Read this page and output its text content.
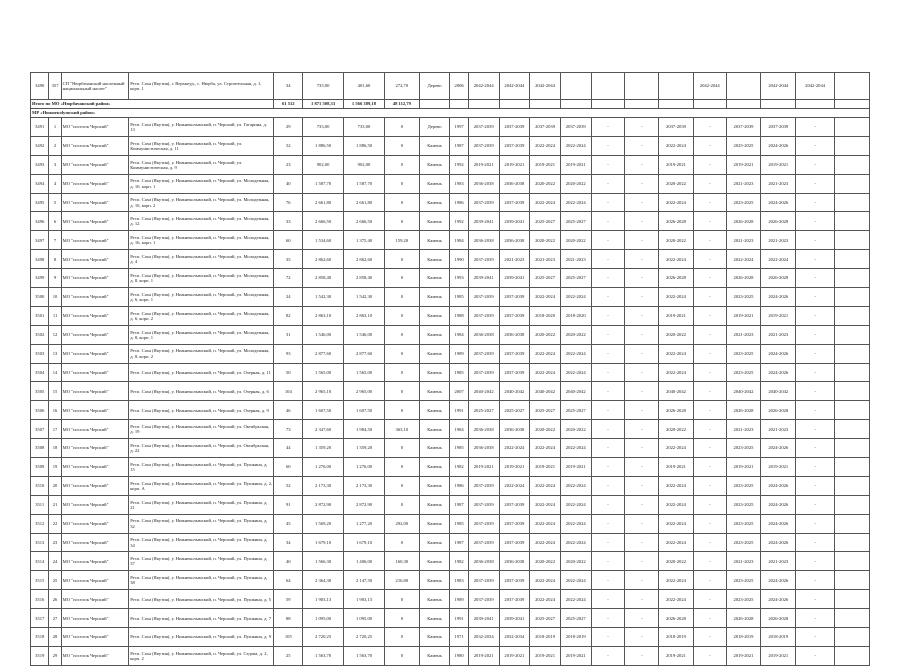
3490	357	СП "Нюрбачанский наслежный национальный наслег"	Респ. Саха (Якутия), г. Верхнеуд., с. Нюрба, ул. Строительная, д. 1, корп. 1	34	735,00	401,60	272,70	Дерево	2006	2042-2044	2042-2044	2042-2044					2042-2044		2042-2044	2042-2044	
Итого по МО «Нюрбачанский район»				61 512	1 871 508,33	1 566 389,18	48 112,79														
МР «Нижнекolymский район»																					
3491	1	МО "поселок Черский"	Респ. Саха (Якутия), у. Нижнеколымский, п. Черский, ул. Гагарина, д. 13	29	733,00	733,00	0	Дерево	1997	2037-2039	2037-2039	2037-2039	2037-2039	-	-	2037-2039	-	2037-2039	2037-2039	-	
3492	2	МО "поселок Черский"	Респ. Саха (Якутия), у. Нижнеколымский, п. Черский, ул. Коммунистическая, д. 11	52	1 886,50	1 886,50	0	Камень	1987	2037-2039	2037-2039	2022-2024	2022-2024	-	-	2022-2024	-	2025-2025	2024-2026	-	
3493	3	МО "поселок Черский"	Респ. Саха (Якутия), у. Нижнеколымский, п. Черский, ул. Коммунистическая, д. 9	23	902,00	902,00	0	Камень	1992	2019-2021	2019-2021	2019-2021	2019-2021	-	-	2019-2021	-	2019-2021	2019-2021	-	
3494	4	МО "поселок Черский"	Респ. Саха (Якутия), у. Нижнеколымский, п. Черский, ул. Молодежная, д. 10, корп. 1	40	1 587,70	1 587,70	0	Камень	1983	2036-2038	2036-2038	2020-2022	2020-2022	-	-	2020-2022	-	2021-2023	2021-2023	-	
3495	5	МО "поселок Черский"	Респ. Саха (Якутия), у. Нижнеколымский, п. Черский, ул. Молодежная, д. 10, корп. 2	76	2 661,80	2 661,80	0	Камень	1986	2037-2039	2037-2039	2022-2024	2022-2024	-	-	2022-2024	-	2023-2025	2024-2026	-	
3496	6	МО "поселок Черский"	Респ. Саха (Якутия), у. Нижнеколымский, п. Черский, ул. Молодежная, д. 12	33	2 666,50	2 666,50	0	Камень	1992	2039-2041	2039-2041	2025-2027	2025-2027	-	-	2026-2028	-	2026-2028	2026-2028	-	
3497	7	МО "поселок Черский"	Респ. Саха (Якутия), у. Нижнеколымский, п. Черский, ул. Молодежная, д. 16, корп. 1	60	1 534,60	1 375,40	159,20	Камень	1984	2036-2038	2036-2038	2020-2022	2020-2022	-	-	2020-2022	-	2021-2023	2021-2023	-	
3498	8	МО "поселок Черский"	Респ. Саха (Якутия), у. Нижнеколымский, п. Черский, ул. Молодежная, д. 4	35	2 862,60	2 862,60	0	Камень	1990	2037-2039	2021-2023	2021-2023	2021-2023	-	-	2022-2024	-	2022-2024	2022-2024	-	
3499	9	МО "поселок Черский"	Респ. Саха (Якутия), у. Нижнеколымский, п. Черский, ул. Молодежная, д. 8, корп. 1	72	2 858,40	2 858,40	0	Камень	1993	2039-2041	2039-2041	2025-2027	2025-2027	-	-	2026-2028	-	2026-2028	2026-2028	-	
3500	10	МО "поселок Черский"	Респ. Саха (Якутия), у. Нижнеколымский, п. Черский, ул. Молодежная, д. 6, корп. 1	24	1 542,30	1 542,30	0	Камень	1985	2037-2039	2037-2039	2022-2024	2022-2024	-	-	2022-2024	-	2023-2025	2024-2026	-	
3501	11	МО "поселок Черский"	Респ. Саха (Якутия), у. Нижнеколымский, п. Черский, ул. Молодежная, д. 6, корп. 2	82	2 863,10	2 863,10	0	Камень	1988	2037-2039	2037-2039	2018-2020	2018-2020	-	-	2019-2021	-	2019-2021	2019-2021	-	
3502	12	МО "поселок Черский"	Респ. Саха (Якутия), у. Нижнеколымский, п. Черский, ул. Молодежная, д. 8, корп. 1	31	1 546,00	1 546,00	0	Камень	1984	2036-2038	2036-2038	2020-2022	2020-2022	-	-	2020-2022	-	2021-2023	2021-2023	-	
3503	13	МО "поселок Черский"	Респ. Саха (Якутия), у. Нижнеколымский, п. Черский, ул. Молодежная, д. 8, корп. 2	93	2 877,60	2 877,60	0	Камень	1989	2037-2039	2037-2039	2022-2024	2022-2024	-	-	2022-2024	-	2023-2025	2024-2026	-	
3504	14	МО "поселок Черский"	Респ. Саха (Якутия), у. Нижнеколымский, п. Черский, ул. Озерная, д. 11	50	1 565,00	1 565,00	0	Камень	1985	2037-2039	2037-2039	2022-2024	2022-2024	-	-	2022-2024	-	2023-2025	2024-2026	-	
3505	15	МО "поселок Черский"	Респ. Саха (Якутия), у. Нижнеколымский, п. Черский, ул. Озерная, д. 6	104	2 965,10	2 965,00	0	Камень	2007	2040-2042	2040-2042	2040-2042	2040-2042	-	-	2040-2042	-	2040-2042	2040-2042	-	
3506	16	МО "поселок Черский"	Респ. Саха (Якутия), у. Нижнеколымский, п. Черский, ул. Озерная, д. 9	46	1 607,50	1 607,50	0	Камень	1991	2025-2027	2025-2027	2025-2027	2025-2027	-	-	2026-2028	-	2026-2028	2026-2028	-	
3507	17	МО "поселок Черский"	Респ. Саха (Якутия), у. Нижнеколымский, п. Черский, ул. Октябрьская, д. 19	73	2 347,60	1 984,50	363,10	Камень	1984	2036-2038	2036-2038	2020-2022	2020-2022	-	-	2020-2022	-	2021-2023	2021-2023	-	
3508	18	МО "поселок Черский"	Респ. Саха (Якутия), у. Нижнеколымский, п. Черский, ул. Октябрьская, д. 22	44	1 359,20	1 359,20	0	Камень	1985	2036-2038	2022-2024	2022-2024	2022-2024	-	-	2022-2024	-	2023-2025	2024-2026	-	
3509	19	МО "поселок Черский"	Респ. Саха (Якутия), у. Нижнеколымский, п. Черский, ул. Пушкина, д. 15	60	1 276,00	1 276,00	0	Камень	1982	2019-2021	2019-2021	2019-2021	2019-2021	-	-	2019-2021	-	2019-2021	2019-2021	-	
3510	20	МО "поселок Черский"	Респ. Саха (Якутия), у. Нижнеколымский, п. Черский, ул. Пушкина, д. 2, корп. А	52	2 173,30	2 173,30	0	Камень	1986	2037-2039	2022-2024	2022-2024	2022-2024	-	-	2022-2024	-	2023-2025	2024-2026	-	
3511	21	МО "поселок Черский"	Респ. Саха (Якутия), у. Нижнеколымский, п. Черский, ул. Пушкина, д. 21	91	2 872,90	2 872,90	0	Камень	1987	2037-2039	2037-2039	2022-2024	2022-2024	-	-	2022-2024	-	2023-2025	2024-2026	-	
3512	22	МО "поселок Черский"	Респ. Саха (Якутия), у. Нижнеколымский, п. Черский, ул. Пушкина, д. 32	45	1 569,20	1 277,20	292,00	Камень	1985	2037-2039	2037-2039	2022-2024	2022-2024	-	-	2022-2024	-	2023-2025	2024-2026	-	
3513	23	МО "поселок Черский"	Респ. Саха (Якутия), у. Нижнеколымский, п. Черский, ул. Пушкина, д. 34	34	1 679,10	1 679,10	0	Камень	1987	2037-2039	2037-2039	2022-2024	2022-2024	-	-	2022-2024	-	2023-2025	2024-2026	-	
3514	24	МО "поселок Черский"	Респ. Саха (Якутия), у. Нижнеколымский, п. Черский, ул. Пушкина, д. 37	40	1 566,30	1 406,00	160,30	Камень	1982	2036-2038	2036-2038	2020-2022	2020-2022	-	-	2020-2022	-	2021-2023	2021-2023	-	
3515	25	МО "поселок Черский"	Респ. Саха (Якутия), у. Нижнеколымский, п. Черский, ул. Пушкина, д. 38	64	2 364,30	2 147,50	216,80	Камень	1983	2037-2039	2037-2039	2022-2024	2022-2024	-	-	2022-2024	-	2023-2025	2024-2026	-	
3516	26	МО "поселок Черский"	Респ. Саха (Якутия), у. Нижнеколымский, п. Черский, ул. Пушкина, д. 5	59	1 903,13	1 903,13	0	Камень	1989	2037-2039	2037-2039	2022-2024	2022-2024	-	-	2022-2024	-	2023-2025	2024-2026	-	
3517	27	МО "поселок Черский"	Респ. Саха (Якутия), у. Нижнеколымский, п. Черский, ул. Пушкина, д. 7	88	1 095,00	1 095,00	0	Камень	1991	2039-2041	2039-2041	2025-2027	2025-2027	-	-	2026-2028	-	2026-2028	2026-2028	-	
3518	28	МО "поселок Черский"	Респ. Саха (Якутия), у. Нижнеколымский, п. Черский, ул. Пушкина, д. 9	105	2 720,25	2 720,25	0	Камень	1971	2032-2034	2032-2034	2018-2019	2018-2019	-	-	2018-2019	-	2018-2019	2018-2019	-	
3519	29	МО "поселок Черский"	Респ. Саха (Якутия), у. Нижнеколымский, п. Черский, ул. Седова, д. 2, корп. 2	25	1 563,70	1 563,70	0	Камень	1980	2019-2021	2019-2021	2019-2021	2019-2021	-	-	2019-2021	-	2019-2021	2019-2021	-	
